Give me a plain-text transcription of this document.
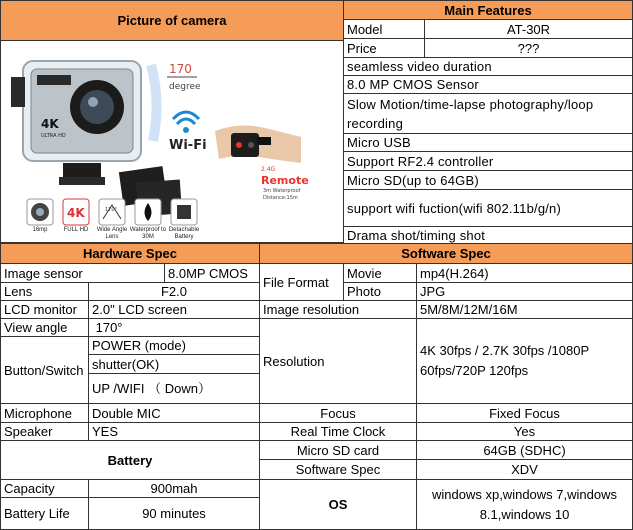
Picture of camera
4K
ULTRA HD
170
degree
Wi-Fi
2.4G
Remote
3m Waterproof
Distance:15m
4K	170°
16mp	FULL HD	Wide Angle Lens
Waterproof to 30M
Detachable Battery
Main Features
Model	AT-30R
Price	???
seamless video duration
8.0 MP CMOS Sensor
Slow Motion/time-lapse photography/loop recording
Micro USB
Support RF2.4 controller
Micro SD(up to 64GB)
support wifi fuction(wifi 802.11b/g/n)
Drama shot/timing shot
Hardware Spec
Image sensor	8.0MP CMOS
Lens	F2.0
LCD monitor	2.0" LCD screen
View angle	170°
Button/Switch
POWER (mode)
shutter(OK)
UP /WIFI （ Down）
Microphone	Double MIC
Speaker	YES
Battery
Capacity	900mah
Battery Life	90 minutes
Software Spec
File Format
Movie	mp4(H.264)
Photo	JPG
Image resolution	5M/8M/12M/16M
Resolution
4K 30fps / 2.7K 30fps /1080P 60fps/720P 120fps
Focus	Fixed Focus
Real Time Clock	Yes
Micro SD card	64GB (SDHC)
Software Spec	XDV
OS
windows xp,windows 7,windows 8.1,windows 10
